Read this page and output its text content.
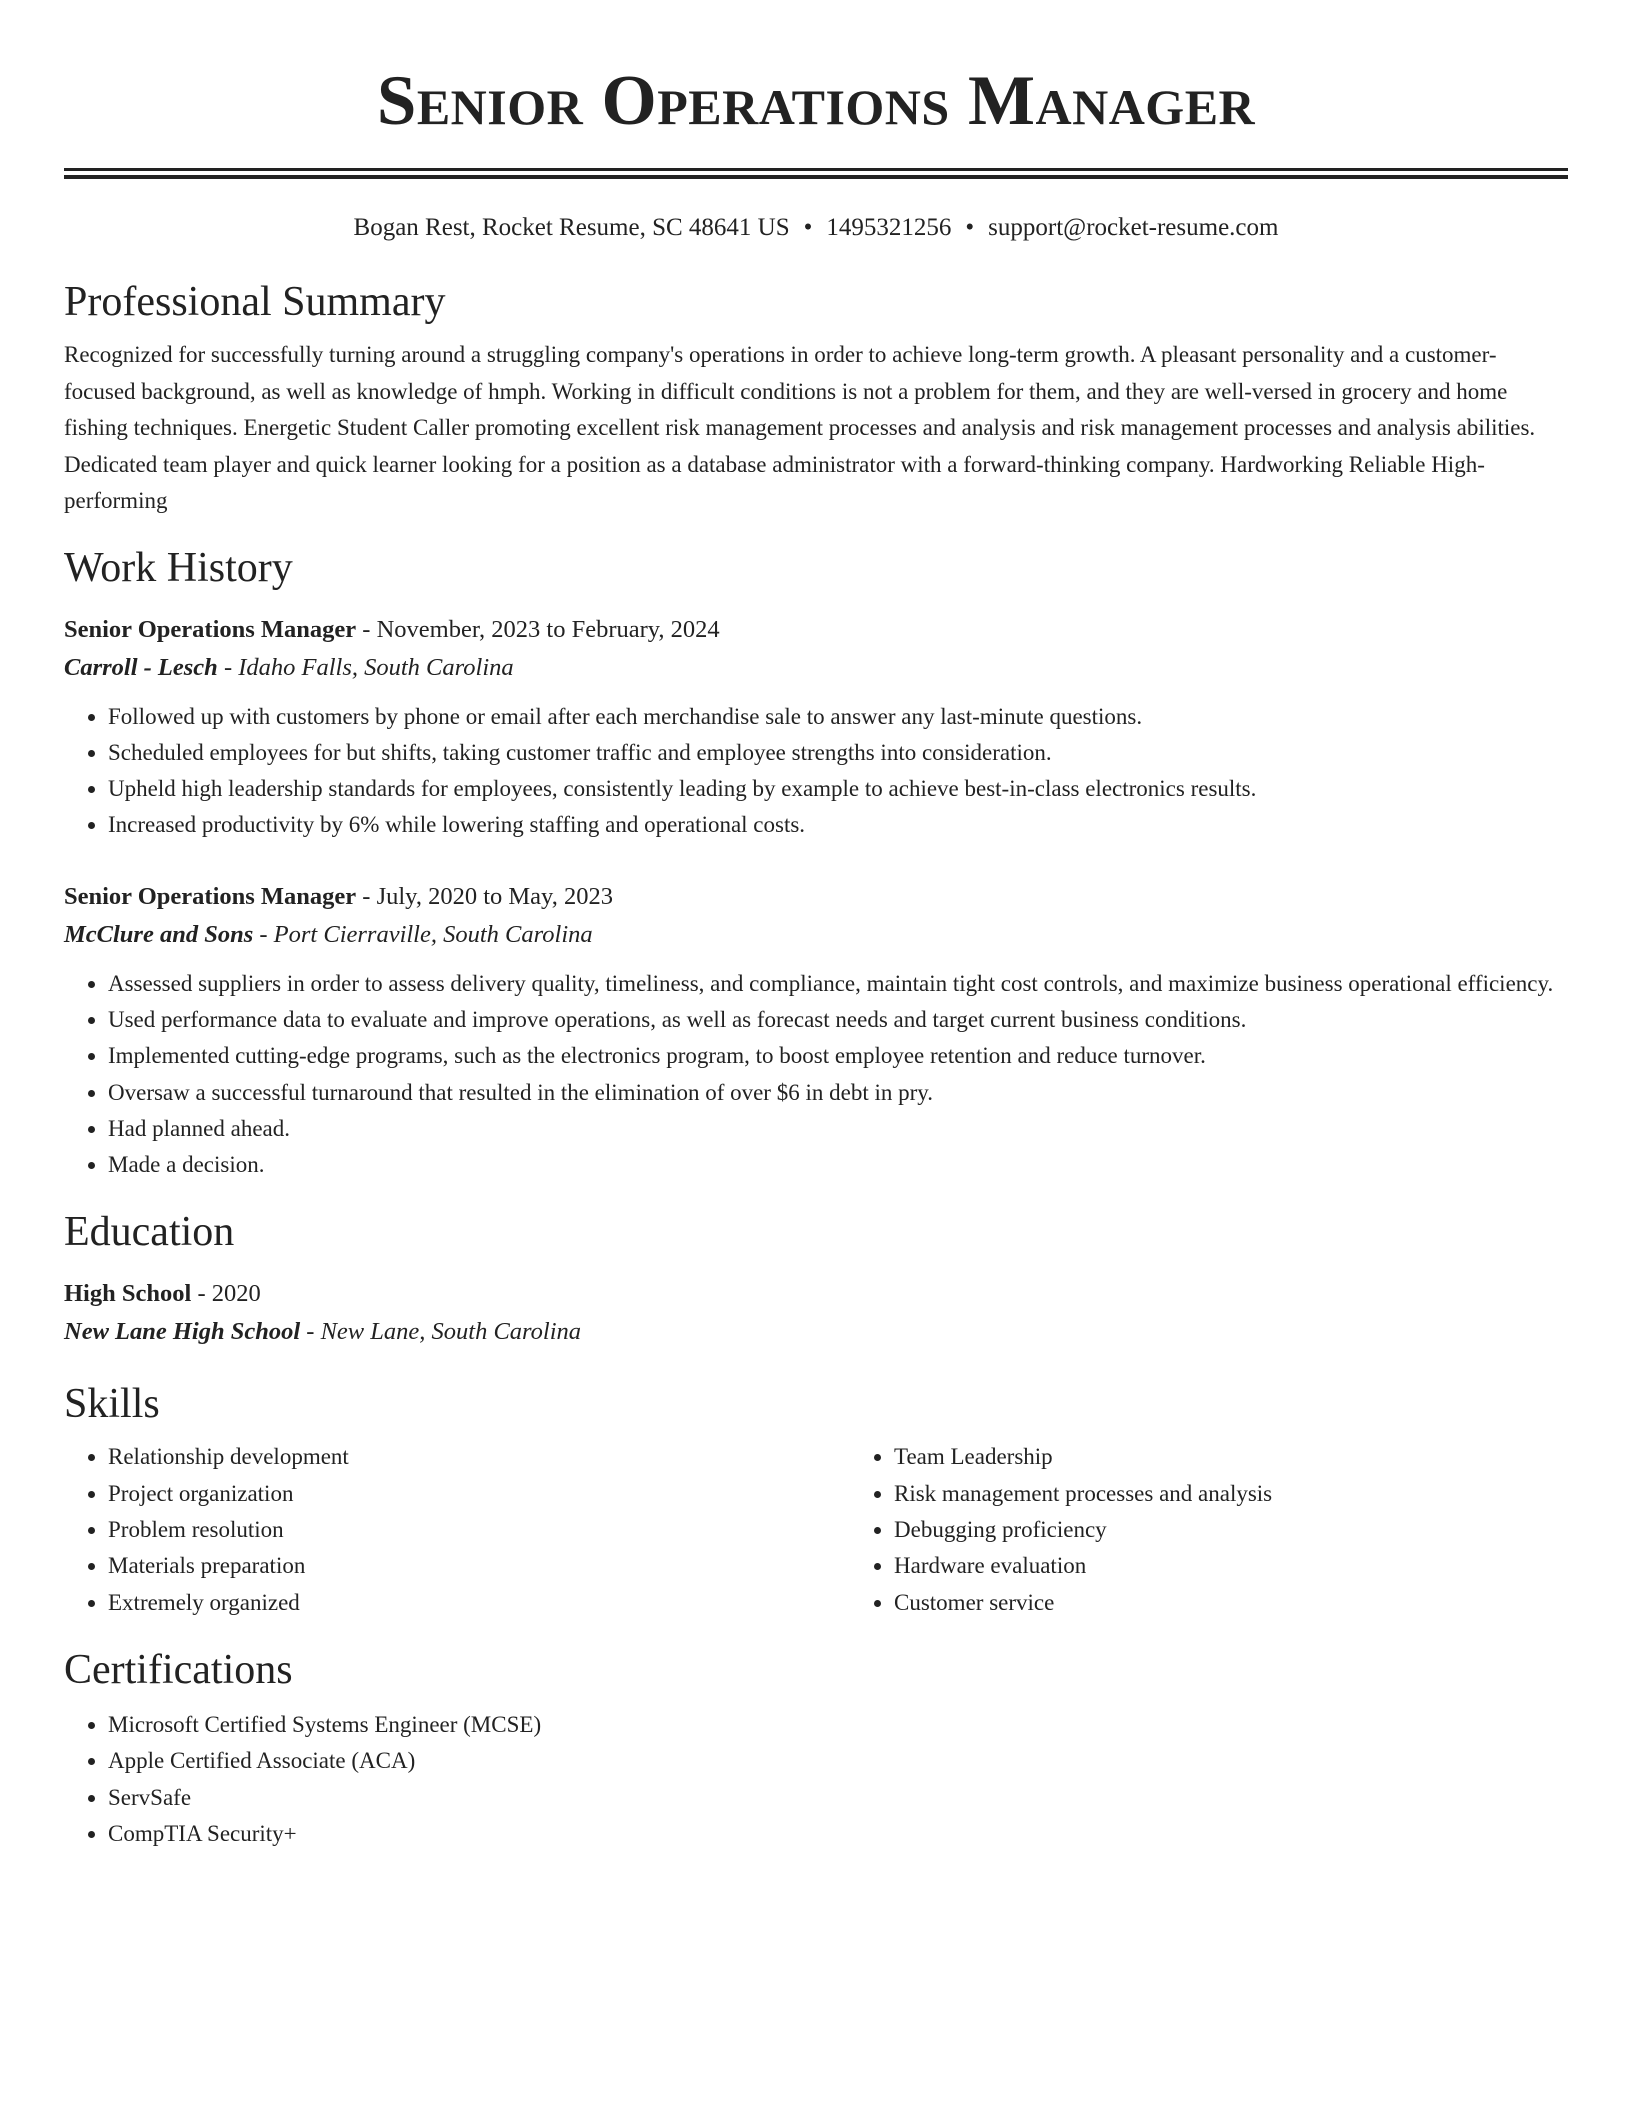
Senior Operations Manager
Bogan Rest, Rocket Resume, SC 48641 US • 1495321256 • support@rocket-resume.com
Professional Summary
Recognized for successfully turning around a struggling company's operations in order to achieve long-term growth. A pleasant personality and a customer-focused background, as well as knowledge of hmph. Working in difficult conditions is not a problem for them, and they are well-versed in grocery and home fishing techniques. Energetic Student Caller promoting excellent risk management processes and analysis and risk management processes and analysis abilities. Dedicated team player and quick learner looking for a position as a database administrator with a forward-thinking company. Hardworking Reliable High-performing
Work History
Senior Operations Manager - November, 2023 to February, 2024
Carroll - Lesch - Idaho Falls, South Carolina
• Followed up with customers by phone or email after each merchandise sale to answer any last-minute questions.
• Scheduled employees for but shifts, taking customer traffic and employee strengths into consideration.
• Upheld high leadership standards for employees, consistently leading by example to achieve best-in-class electronics results.
• Increased productivity by 6% while lowering staffing and operational costs.
Senior Operations Manager - July, 2020 to May, 2023
McClure and Sons - Port Cierraville, South Carolina
• Assessed suppliers in order to assess delivery quality, timeliness, and compliance, maintain tight cost controls, and maximize business operational efficiency.
• Used performance data to evaluate and improve operations, as well as forecast needs and target current business conditions.
• Implemented cutting-edge programs, such as the electronics program, to boost employee retention and reduce turnover.
• Oversaw a successful turnaround that resulted in the elimination of over $6 in debt in pry.
• Had planned ahead.
• Made a decision.
Education
High School - 2020
New Lane High School - New Lane, South Carolina
Skills
• Relationship development
• Project organization
• Problem resolution
• Materials preparation
• Extremely organized
• Team Leadership
• Risk management processes and analysis
• Debugging proficiency
• Hardware evaluation
• Customer service
Certifications
• Microsoft Certified Systems Engineer (MCSE)
• Apple Certified Associate (ACA)
• ServSafe
• CompTIA Security+
